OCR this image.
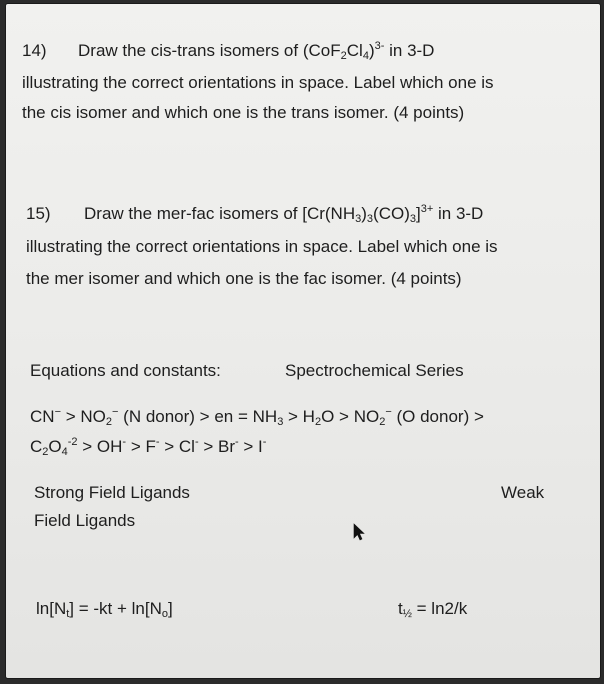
14) Draw the cis-trans isomers of $(CoF_2Cl_4)^{3-}$ in 3-D
illustrating the correct orientations in space. Label which one is
the cis isomer and which one is the trans isomer. (4 points)
15) Draw the mer-fac isomers of $[Cr(NH_3)_3(CO)_3]^{3+}$ in 3-D
illustrating the correct orientations in space. Label which one is
the mer isomer and which one is the fac isomer. (4 points)
Equations and constants:	Spectrochemical Series
$CN^- > NO_2^-$ (N donor) > en = $NH_3 > H_2O > NO_2^-$ (O donor) >
$C_2O_4^{-2} > OH^- > F^- > Cl^- > Br^- > I^-$
Strong Field Ligands	Weak
Field Ligands
$\ln[N_t] = -kt + \ln[N_o]$	$t_{\frac{1}{2}} = \ln 2/k$
